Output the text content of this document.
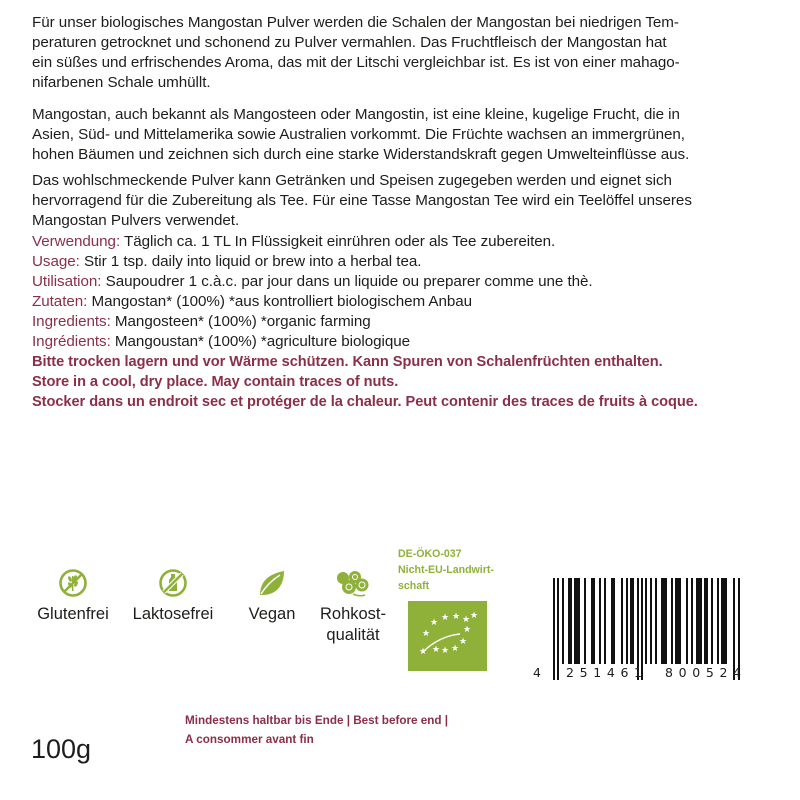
Für unser biologisches Mangostan Pulver werden die Schalen der Mangostan bei niedrigen Tem-
peraturen getrocknet und schonend zu Pulver vermahlen. Das Fruchtfleisch der Mangostan hat
ein süßes und erfrischendes Aroma, das mit der Litschi vergleichbar ist. Es ist von einer mahago-
nifarbenen Schale umhüllt.
Mangostan, auch bekannt als Mangosteen oder Mangostin, ist eine kleine, kugelige Frucht, die in
Asien, Süd- und Mittelamerika sowie Australien vorkommt. Die Früchte wachsen an immergrünen,
hohen Bäumen und zeichnen sich durch eine starke Widerstandskraft gegen Umwelteinflüsse aus.
Das wohlschmeckende Pulver kann Getränken und Speisen zugegeben werden und eignet sich
hervorragend für die Zubereitung als Tee. Für eine Tasse Mangostan Tee wird ein Teelöffel unseres
Mangostan Pulvers verwendet.
Verwendung: Täglich ca. 1 TL In Flüssigkeit einrühren oder als Tee zubereiten.
Usage: Stir 1 tsp. daily into liquid or brew into a herbal tea.
Utilisation: Saupoudrer 1 c.à.c. par jour dans un liquide ou preparer comme une thè.
Zutaten: Mangostan* (100%) *aus kontrolliert biologischem Anbau
Ingredients: Mangosteen* (100%) *organic farming
Ingrédients: Mangoustan* (100%) *agriculture biologique
Bitte trocken lagern und vor Wärme schützen. Kann Spuren von Schalenfrüchten enthalten.
Store in a cool, dry place. May contain traces of nuts.
Stocker dans un endroit sec et protéger de la chaleur. Peut contenir des traces de fruits à coque.
Glutenfrei	Laktosefrei	Vegan	Rohkost-
qualität
DE-ÖKO-037
Nicht-EU-Landwirt-
schaft
★ ★ ★ ★ ★
★
★
★
★
★
★
★
4 2 5 1 4 6 1 8 0 0 5 2 4
100g
Mindestens haltbar bis Ende | Best before end |
A consommer avant fin
